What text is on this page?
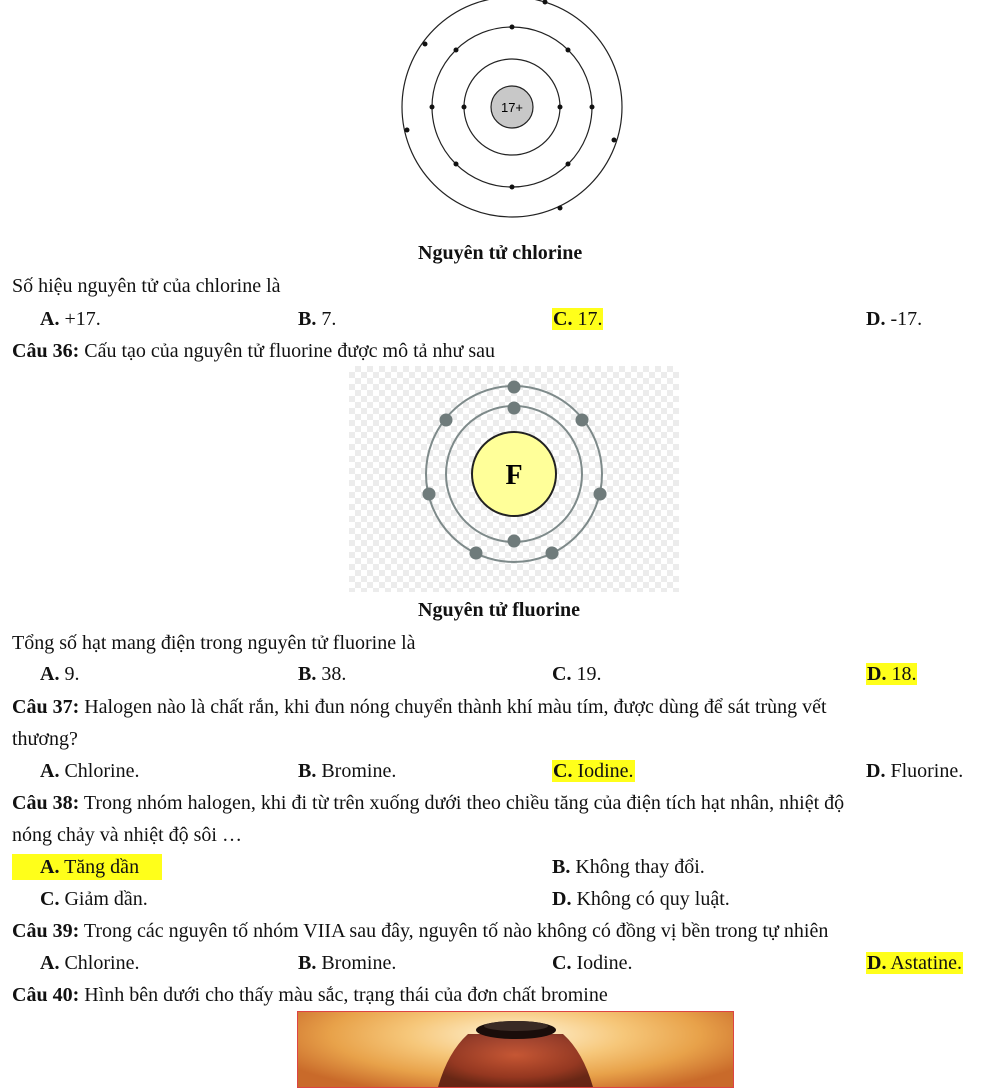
17+
Nguyên tử chlorine
Số hiệu nguyên tử của chlorine là
A. +17.	B. 7.	C. 17.	D. -17.
Câu 36: Cấu tạo của nguyên tử fluorine được mô tả như sau
F
Nguyên tử fluorine
Tổng số hạt mang điện trong nguyên tử fluorine là
A. 9.	B. 38.	C. 19.	D. 18.
Câu 37: Halogen nào là chất rắn, khi đun nóng chuyển thành khí màu tím, được dùng để sát trùng vết
thương?
A. Chlorine.	B. Bromine.	C. Iodine.	D. Fluorine.
Câu 38: Trong nhóm halogen, khi đi từ trên xuống dưới theo chiều tăng của điện tích hạt nhân, nhiệt độ
nóng chảy và nhiệt độ sôi …
A. Tăng dần	B. Không thay đổi.
C. Giảm dần.	D. Không có quy luật.
Câu 39: Trong các nguyên tố nhóm VIIA sau đây, nguyên tố nào không có đồng vị bền trong tự nhiên
A. Chlorine.	B. Bromine.	C. Iodine.	D. Astatine.
Câu 40: Hình bên dưới cho thấy màu sắc, trạng thái của đơn chất bromine
